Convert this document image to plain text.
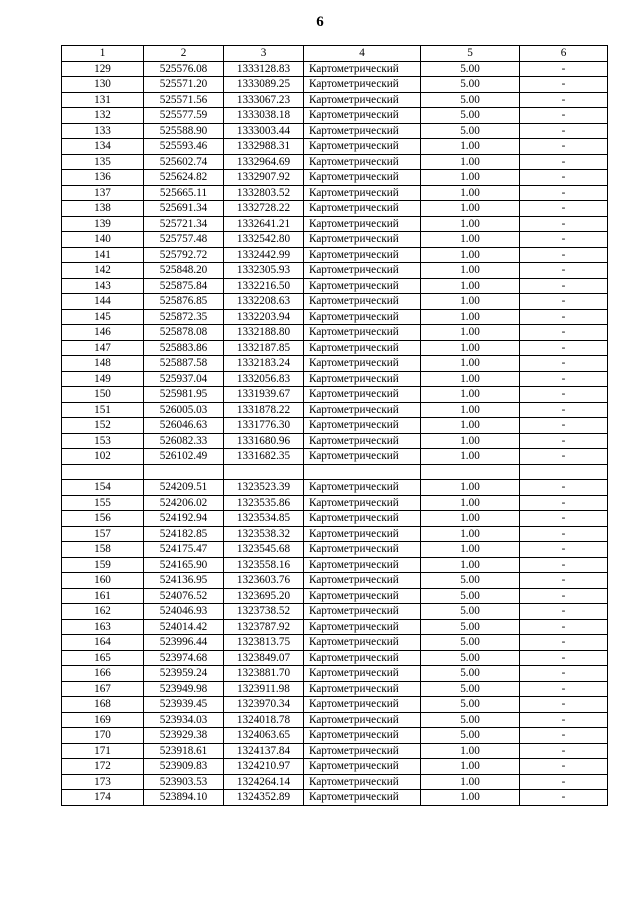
6
1	2	3	4	5	6
129	525576.08	1333128.83	Картометрический	5.00	-
130	525571.20	1333089.25	Картометрический	5.00	-
131	525571.56	1333067.23	Картометрический	5.00	-
132	525577.59	1333038.18	Картометрический	5.00	-
133	525588.90	1333003.44	Картометрический	5.00	-
134	525593.46	1332988.31	Картометрический	1.00	-
135	525602.74	1332964.69	Картометрический	1.00	-
136	525624.82	1332907.92	Картометрический	1.00	-
137	525665.11	1332803.52	Картометрический	1.00	-
138	525691.34	1332728.22	Картометрический	1.00	-
139	525721.34	1332641.21	Картометрический	1.00	-
140	525757.48	1332542.80	Картометрический	1.00	-
141	525792.72	1332442.99	Картометрический	1.00	-
142	525848.20	1332305.93	Картометрический	1.00	-
143	525875.84	1332216.50	Картометрический	1.00	-
144	525876.85	1332208.63	Картометрический	1.00	-
145	525872.35	1332203.94	Картометрический	1.00	-
146	525878.08	1332188.80	Картометрический	1.00	-
147	525883.86	1332187.85	Картометрический	1.00	-
148	525887.58	1332183.24	Картометрический	1.00	-
149	525937.04	1332056.83	Картометрический	1.00	-
150	525981.95	1331939.67	Картометрический	1.00	-
151	526005.03	1331878.22	Картометрический	1.00	-
152	526046.63	1331776.30	Картометрический	1.00	-
153	526082.33	1331680.96	Картометрический	1.00	-
102	526102.49	1331682.35	Картометрический	1.00	-

154	524209.51	1323523.39	Картометрический	1.00	-
155	524206.02	1323535.86	Картометрический	1.00	-
156	524192.94	1323534.85	Картометрический	1.00	-
157	524182.85	1323538.32	Картометрический	1.00	-
158	524175.47	1323545.68	Картометрический	1.00	-
159	524165.90	1323558.16	Картометрический	1.00	-
160	524136.95	1323603.76	Картометрический	5.00	-
161	524076.52	1323695.20	Картометрический	5.00	-
162	524046.93	1323738.52	Картометрический	5.00	-
163	524014.42	1323787.92	Картометрический	5.00	-
164	523996.44	1323813.75	Картометрический	5.00	-
165	523974.68	1323849.07	Картометрический	5.00	-
166	523959.24	1323881.70	Картометрический	5.00	-
167	523949.98	1323911.98	Картометрический	5.00	-
168	523939.45	1323970.34	Картометрический	5.00	-
169	523934.03	1324018.78	Картометрический	5.00	-
170	523929.38	1324063.65	Картометрический	5.00	-
171	523918.61	1324137.84	Картометрический	1.00	-
172	523909.83	1324210.97	Картометрический	1.00	-
173	523903.53	1324264.14	Картометрический	1.00	-
174	523894.10	1324352.89	Картометрический	1.00	-
